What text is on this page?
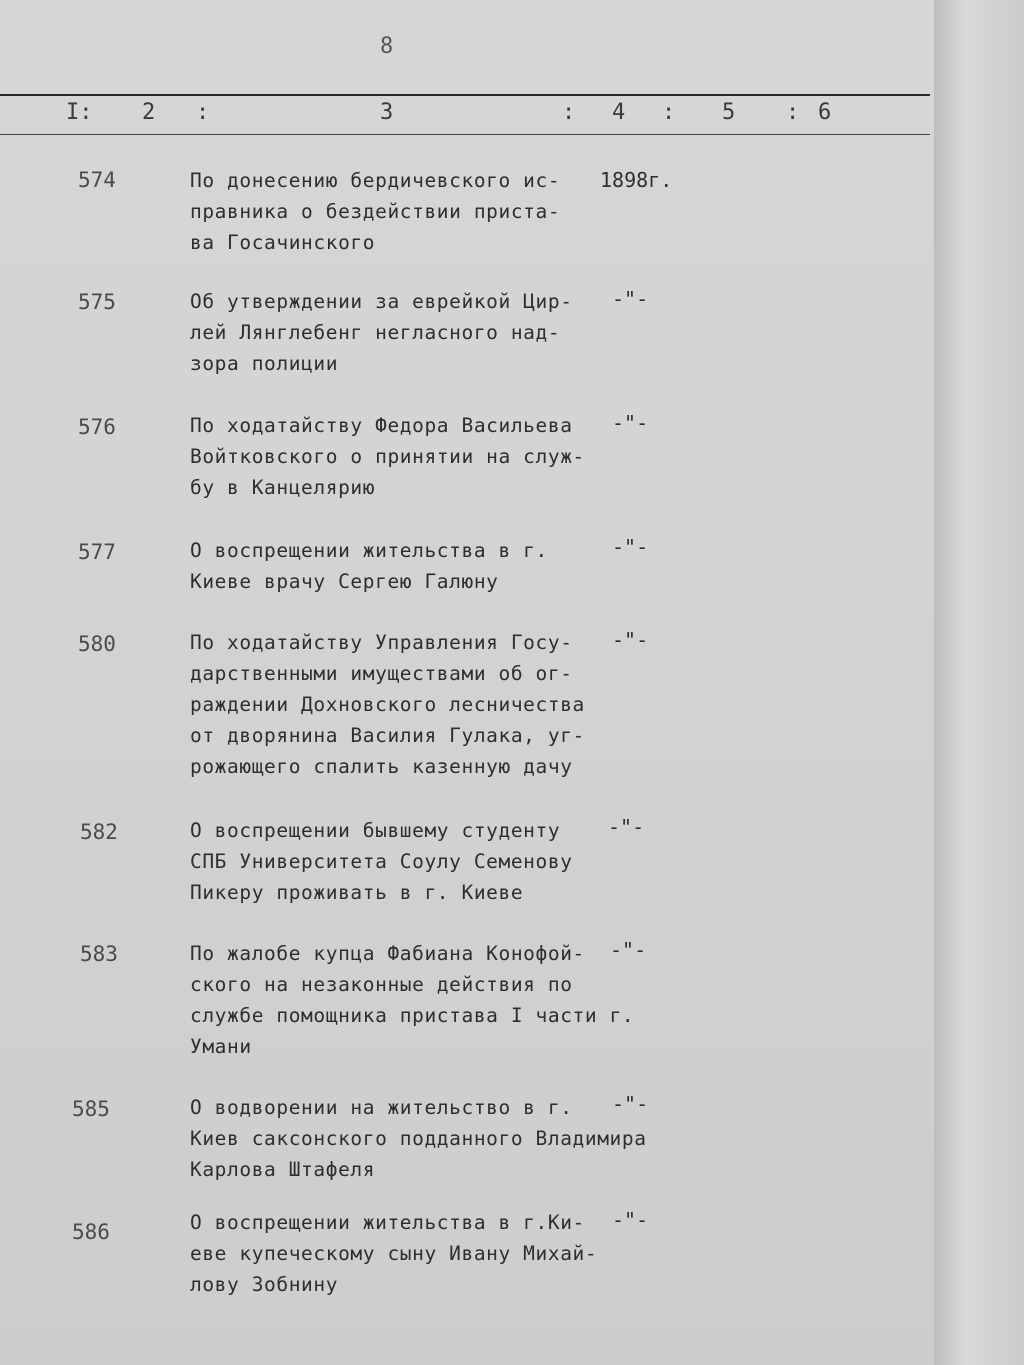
8
I: 2 :	3	: 4 : 5 : 6
574	По донесению бердичевского ис-
правника о бездействии приста-
ва Госачинского
1898г.
575	Об утверждении за еврейкой Цир-
лей Лянглебенг негласного над-
зора полиции
-"-
576	По ходатайству Федора Васильева
Войтковского о принятии на служ-
бу в Канцелярию
-"-
577	О воспрещении жительства в г.
Киеве врачу Сергею Галюну
-"-
580	По ходатайству Управления Госу-
дарственными имуществами об ог-
раждении Дохновского лесничества
от дворянина Василия Гулака, уг-
рожающего спалить казенную дачу
-"-
582	О воспрещении бывшему студенту
СПБ Университета Соулу Семенову
Пикеру проживать в г. Киеве
-"-
583	По жалобе купца Фабиана Конофой-
ского на незаконные действия по
службе помощника пристава I части г.
Умани
-"-
585	О водворении на жительство в г.
Киев саксонского подданного Владимира
Карлова Штафеля
-"-
586	О воспрещении жительства в г.Ки-
еве купеческому сыну Ивану Михай-
лову Зобнину
-"-
